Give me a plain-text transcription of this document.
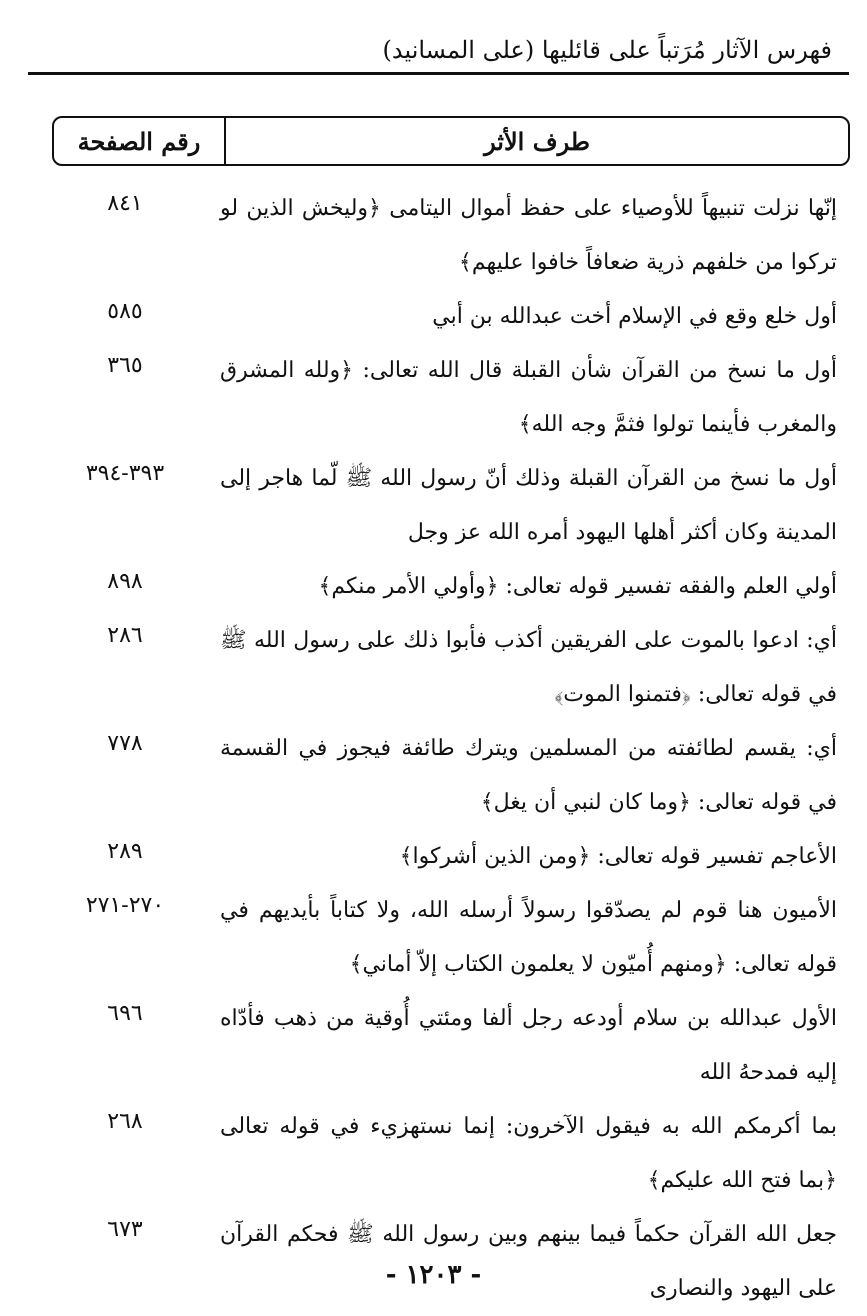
فهرس الآثار مُرَتباً على قائليها (على المسانيد)
طرف الأثر
رقم الصفحة
إنّها نزلت تنبيهاً للأوصياء على حفظ أموال اليتامى ﴿وليخش الذين لو تركوا من خلفهم ذرية ضعافاً خافوا عليهم﴾
٨٤١
أول خلع وقع في الإسلام أخت عبدالله بن أبي
٥٨٥
أول ما نسخ من القرآن شأن القبلة قال الله تعالى: ﴿ولله المشرق والمغرب فأينما تولوا فثمَّ وجه الله﴾
٣٦٥
أول ما نسخ من القرآن القبلة وذلك أنّ رسول الله ﷺ لّما هاجر إلى المدينة وكان أكثر أهلها اليهود أمره الله عز وجل
٣٩٣-٣٩٤
أولي العلم والفقه تفسير قوله تعالى: ﴿وأولي الأمر منكم﴾
٨٩٨
أي: ادعوا بالموت على الفريقين أكذب فأبوا ذلك على رسول الله ﷺ في قوله تعالى: ﴿فتمنوا الموت﴾
٢٨٦
أي: يقسم لطائفته من المسلمين ويترك طائفة فيجوز في القسمة في قوله تعالى: ﴿وما كان لنبي أن يغل﴾
٧٧٨
الأعاجم تفسير قوله تعالى: ﴿ومن الذين أشركوا﴾
٢٨٩
الأميون هنا قوم لم يصدّقوا رسولاً أرسله الله، ولا كتاباً بأيديهم في قوله تعالى: ﴿ومنهم أُميّون لا يعلمون الكتاب إلاّ أماني﴾
٢٧٠-٢٧١
الأول عبدالله بن سلام أودعه رجل ألفا ومئتي أُوقية من ذهب فأدّاه إليه فمدحهُ الله
٦٩٦
بما أكرمكم الله به فيقول الآخرون: إنما نستهزيء في قوله تعالى ﴿بما فتح الله عليكم﴾
٢٦٨
جعل الله القرآن حكماً فيما بينهم وبين رسول الله ﷺ فحكم القرآن على اليهود والنصارى
٦٧٣
- ١٢٠٣ -
